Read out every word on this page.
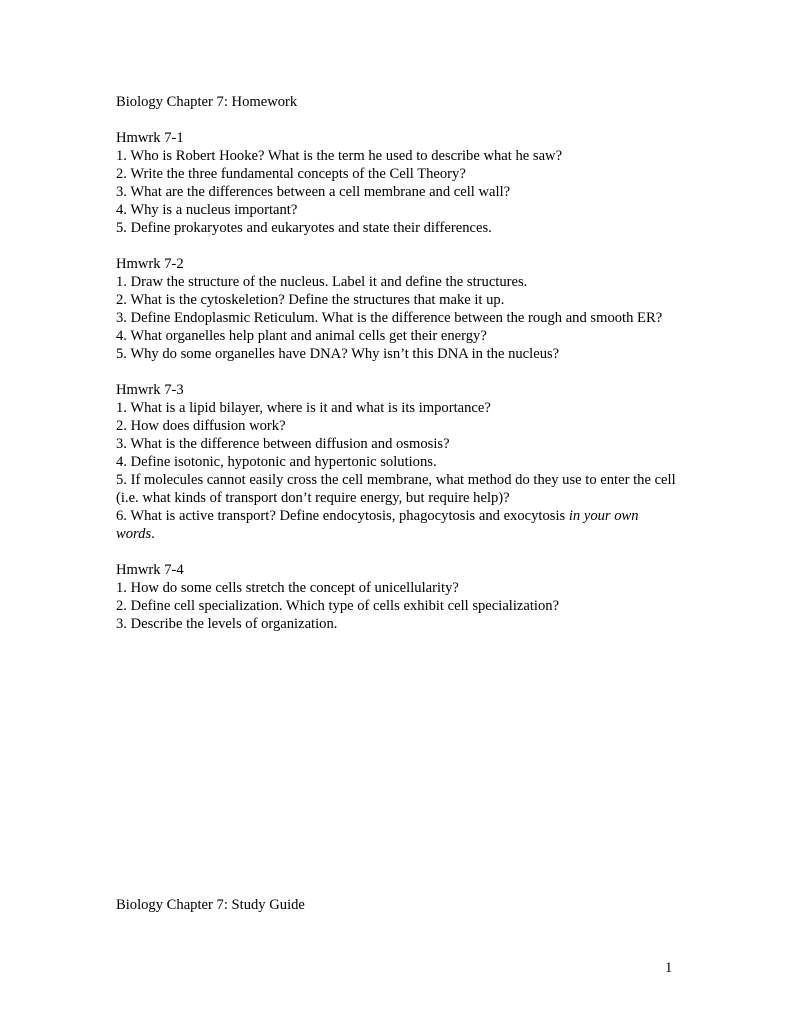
Biology Chapter 7: Homework
Hmwrk 7-1
1. Who is Robert Hooke? What is the term he used to describe what he saw?
2. Write the three fundamental concepts of the Cell Theory?
3. What are the differences between a cell membrane and cell wall?
4. Why is a nucleus important?
5. Define prokaryotes and eukaryotes and state their differences.
Hmwrk 7-2
1. Draw the structure of the nucleus. Label it and define the structures.
2. What is the cytoskeletion? Define the structures that make it up.
3. Define Endoplasmic Reticulum. What is the difference between the rough and smooth ER?
4. What organelles help plant and animal cells get their energy?
5. Why do some organelles have DNA? Why isn’t this DNA in the nucleus?
Hmwrk 7-3
1. What is a lipid bilayer, where is it and what is its importance?
2. How does diffusion work?
3. What is the difference between diffusion and osmosis?
4. Define isotonic, hypotonic and hypertonic solutions.
5. If molecules cannot easily cross the cell membrane, what method do they use to enter the cell (i.e. what kinds of transport don’t require energy, but require help)?
6. What is active transport? Define endocytosis, phagocytosis and exocytosis in your own words.
Hmwrk 7-4
1. How do some cells stretch the concept of unicellularity?
2. Define cell specialization. Which type of cells exhibit cell specialization?
3. Describe the levels of organization.
Biology Chapter 7: Study Guide
1
